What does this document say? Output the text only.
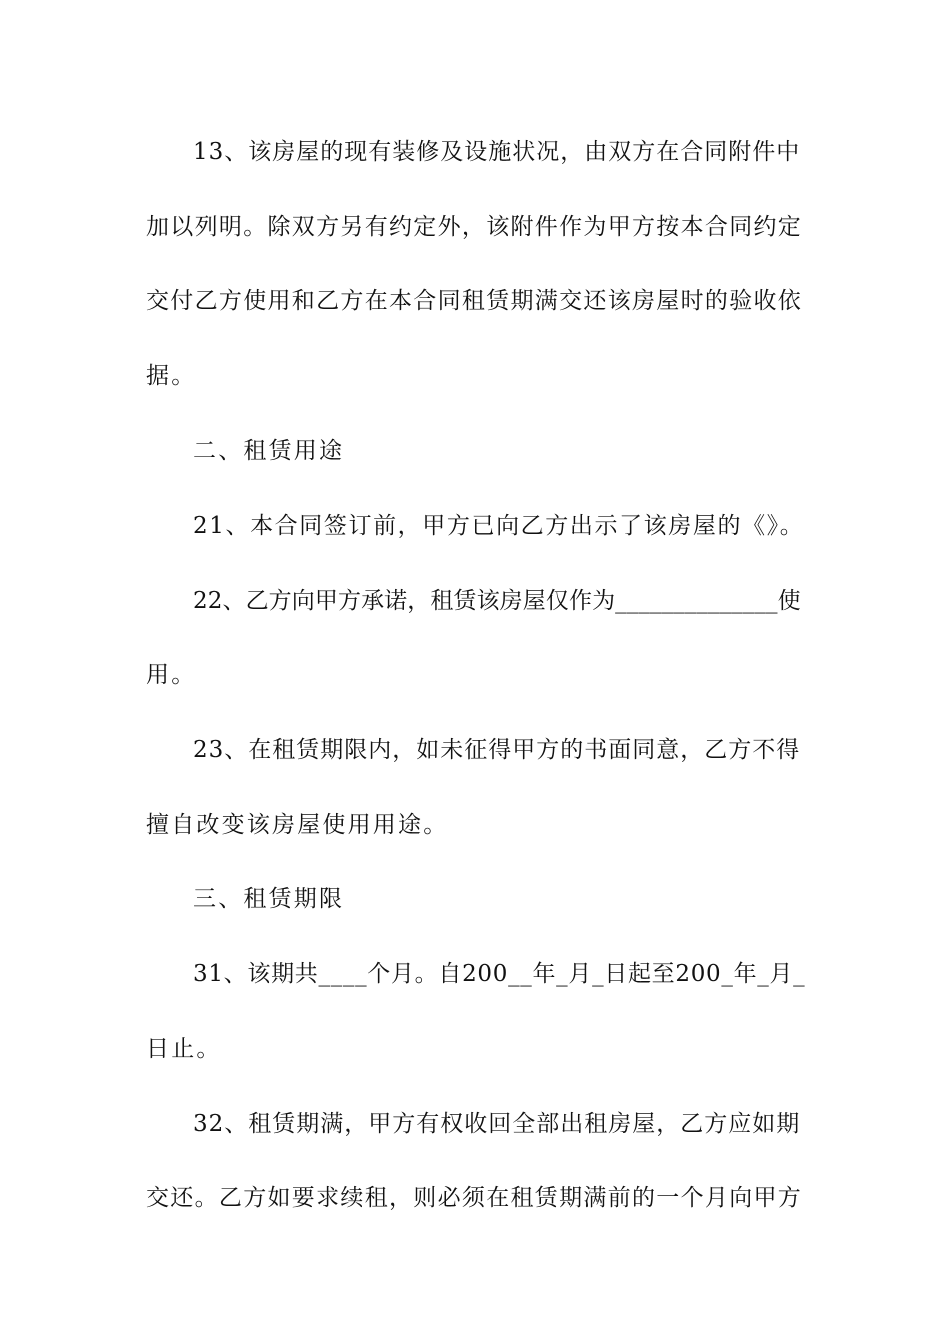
13、该房屋的现有装修及设施状况，由双方在合同附件中
加以列明。除双方另有约定外，该附件作为甲方按本合同约定
交付乙方使用和乙方在本合同租赁期满交还该房屋时的验收依
据。
二、租赁用途
21、本合同签订前，甲方已向乙方出示了该房屋的《》。
22、乙方向甲方承诺，租赁该房屋仅作为______________使
用。
23、在租赁期限内，如未征得甲方的书面同意，乙方不得
擅自改变该房屋使用用途。
三、租赁期限
31、该期共____个月。自200__年_月_日起至200_年_月_
日止。
32、租赁期满，甲方有权收回全部出租房屋，乙方应如期
交还。乙方如要求续租，则必须在租赁期满前的一个月向甲方
